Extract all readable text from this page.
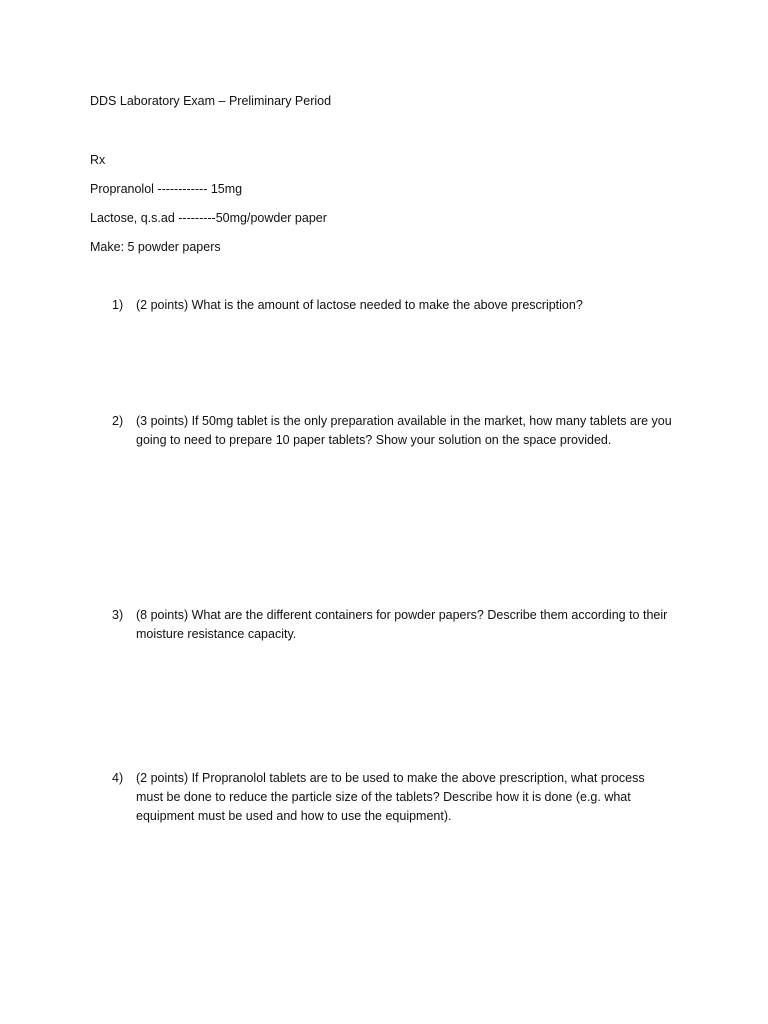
DDS Laboratory Exam – Preliminary Period
Rx
Propranolol ------------ 15mg
Lactose, q.s.ad ---------50mg/powder paper
Make: 5 powder papers
1)	(2 points) What is the amount of lactose needed to make the above prescription?
2)	(3 points) If 50mg tablet is the only preparation available in the market, how many tablets are you going to need to prepare 10 paper tablets? Show your solution on the space provided.
3)	(8 points) What are the different containers for powder papers? Describe them according to their moisture resistance capacity.
4)	(2 points) If Propranolol tablets are to be used to make the above prescription, what process must be done to reduce the particle size of the tablets? Describe how it is done (e.g. what equipment must be used and how to use the equipment).
